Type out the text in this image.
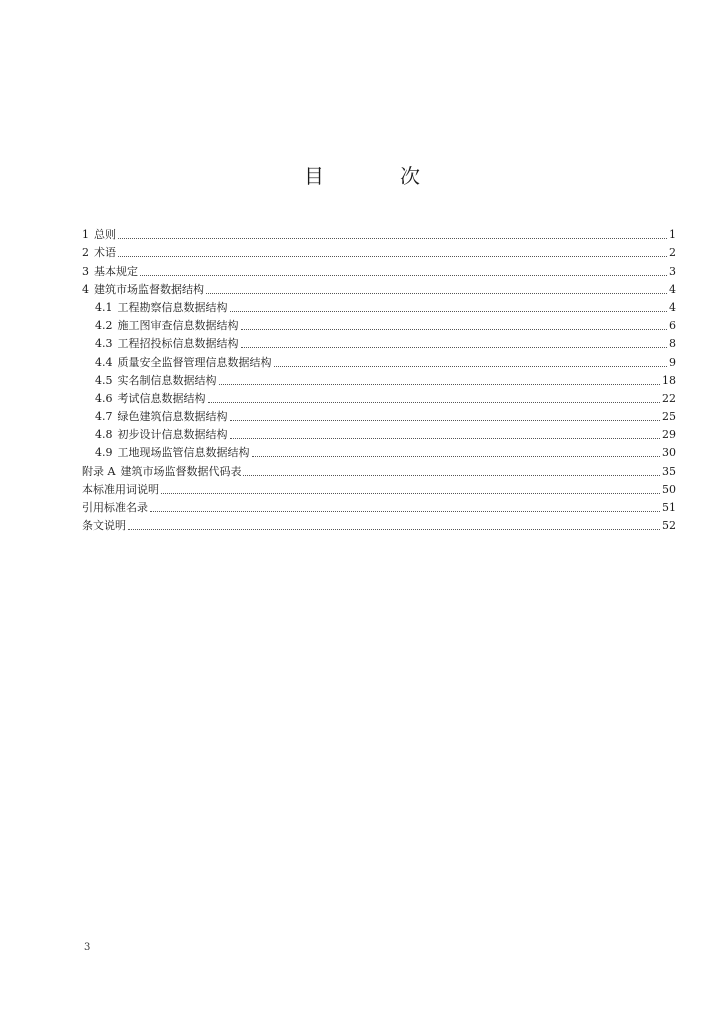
目　次
1 总则	1
2 术语	2
3 基本规定	3
4 建筑市场监督数据结构	4
4.1 工程勘察信息数据结构	4
4.2 施工图审查信息数据结构	6
4.3 工程招投标信息数据结构	8
4.4 质量安全监督管理信息数据结构	9
4.5 实名制信息数据结构	18
4.6 考试信息数据结构	22
4.7 绿色建筑信息数据结构	25
4.8 初步设计信息数据结构	29
4.9 工地现场监管信息数据结构	30
附录 A 建筑市场监督数据代码表	35
本标准用词说明	50
引用标准名录	51
条文说明	52
3
